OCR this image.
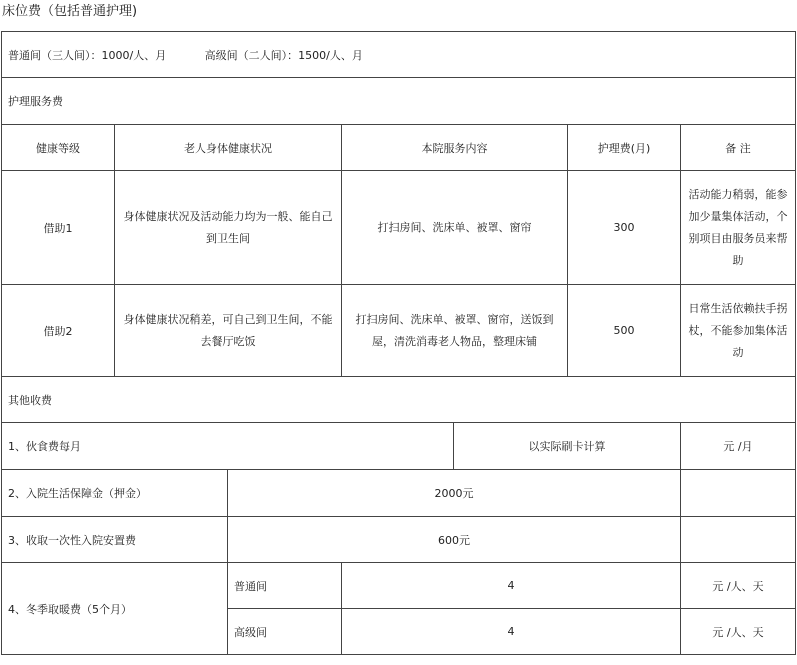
床位费（包括普通护理)
普通间（三人间）：1000/人、月           高级间（二人间）：1500/人、月						
护理服务费						
健康等级	老人身体健康状况		本院服务内容		护理费(月)	备 注
借助1	身体健康状况及活动能力均为一般、能自己到卫生间		打扫房间、洗床单、被罩、窗帘		300	活动能力稍弱，能参加少量集体活动，个别项目由服务员来帮助
借助2	身体健康状况稍差，可自己到卫生间，不能去餐厅吃饭		打扫房间、洗床单、被罩、窗帘，送饭到屋，清洗消毒老人物品，整理床铺		500	日常生活依赖扶手拐杖，不能参加集体活动
其他收费						
1、伙食费每月				以实际刷卡计算		元 /月
2、入院生活保障金（押金）		2000元				
3、收取一次性入院安置费		600元				
4、冬季取暖费（5个月）		普通间	4			元 /人、天
		高级间	4			元 /人、天
